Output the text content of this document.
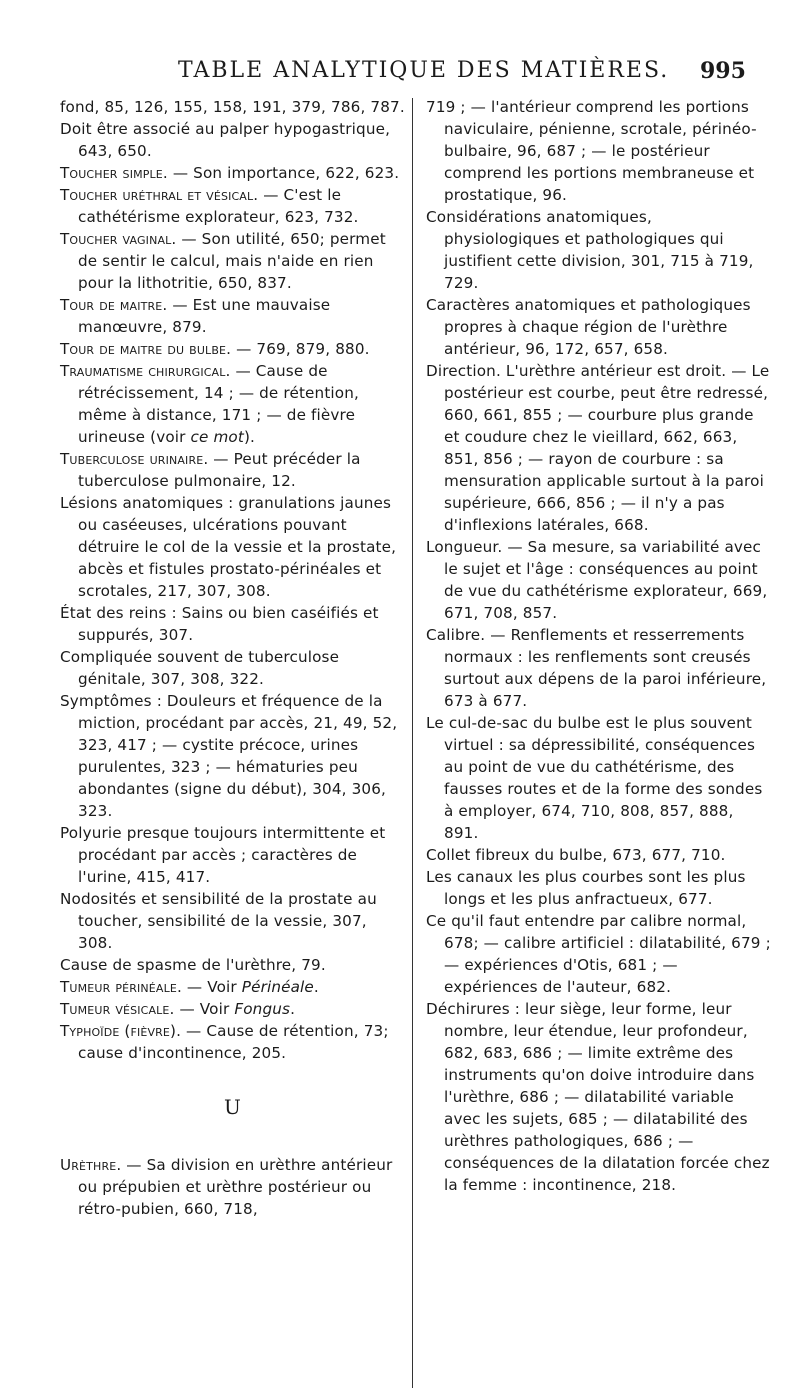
TABLE ANALYTIQUE DES MATIÈRES. 995

fond, 85, 126, 155, 158, 191, 379, 786, 787.

Doit être associé au palper hypogastrique, 643, 650.

Toucher simple. — Son importance, 622, 623.

Toucher uréthral et vésical. — C'est le cathétérisme explorateur, 623, 732.

Toucher vaginal. — Son utilité, 650; permet de sentir le calcul, mais n'aide en rien pour la lithotritie, 650, 837.

Tour de maitre. — Est une mauvaise manœuvre, 879.

Tour de maitre du bulbe. — 769, 879, 880.

Traumatisme chirurgical. — Cause de rétrécissement, 14 ; — de rétention, même à distance, 171 ; — de fièvre urineuse (voir ce mot).

Tuberculose urinaire. — Peut précéder la tuberculose pulmonaire, 12.

Lésions anatomiques : granulations jaunes ou caséeuses, ulcérations pouvant détruire le col de la vessie et la prostate, abcès et fistules prostato-périnéales et scrotales, 217, 307, 308.

État des reins : Sains ou bien caséifiés et suppurés, 307.

Compliquée souvent de tuberculose génitale, 307, 308, 322.

Symptômes : Douleurs et fréquence de la miction, procédant par accès, 21, 49, 52, 323, 417 ; — cystite précoce, urines purulentes, 323 ; — hématuries peu abondantes (signe du début), 304, 306, 323.

Polyurie presque toujours intermittente et procédant par accès ; caractères de l'urine, 415, 417.

Nodosités et sensibilité de la prostate au toucher, sensibilité de la vessie, 307, 308.

Cause de spasme de l'urèthre, 79.

Tumeur périnéale. — Voir Périnéale.

Tumeur vésicale. — Voir Fongus.

Typhoïde (fièvre). — Cause de rétention, 73; cause d'incontinence, 205.

U

Urèthre. — Sa division en urèthre antérieur ou prépubien et urèthre postérieur ou rétro-pubien, 660, 718,

719 ; — l'antérieur comprend les portions naviculaire, pénienne, scrotale, périnéo-bulbaire, 96, 687 ; — le postérieur comprend les portions membraneuse et prostatique, 96.

Considérations anatomiques, physiologiques et pathologiques qui justifient cette division, 301, 715 à 719, 729.

Caractères anatomiques et pathologiques propres à chaque région de l'urèthre antérieur, 96, 172, 657, 658.

Direction. L'urèthre antérieur est droit. — Le postérieur est courbe, peut être redressé, 660, 661, 855 ; — courbure plus grande et coudure chez le vieillard, 662, 663, 851, 856 ; — rayon de courbure : sa mensuration applicable surtout à la paroi supérieure, 666, 856 ; — il n'y a pas d'inflexions latérales, 668.

Longueur. — Sa mesure, sa variabilité avec le sujet et l'âge : conséquences au point de vue du cathétérisme explorateur, 669, 671, 708, 857.

Calibre. — Renflements et resserrements normaux : les renflements sont creusés surtout aux dépens de la paroi inférieure, 673 à 677.

Le cul-de-sac du bulbe est le plus souvent virtuel : sa dépressibilité, conséquences au point de vue du cathétérisme, des fausses routes et de la forme des sondes à employer, 674, 710, 808, 857, 888, 891.

Collet fibreux du bulbe, 673, 677, 710.

Les canaux les plus courbes sont les plus longs et les plus anfractueux, 677.

Ce qu'il faut entendre par calibre normal, 678; — calibre artificiel : dilatabilité, 679 ; — expériences d'Otis, 681 ; — expériences de l'auteur, 682.

Déchirures : leur siège, leur forme, leur nombre, leur étendue, leur profondeur, 682, 683, 686 ; — limite extrême des instruments qu'on doive introduire dans l'urèthre, 686 ; — dilatabilité variable avec les sujets, 685 ; — dilatabilité des urèthres pathologiques, 686 ; — conséquences de la dilatation forcée chez la femme : incontinence, 218.
